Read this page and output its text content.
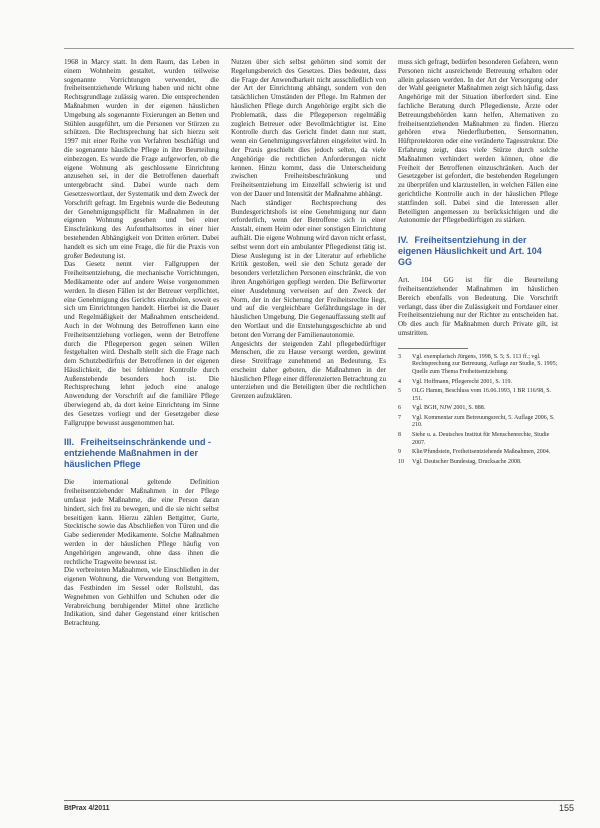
1968 in Marcy statt. In dem Raum, das Leben in einem Wohnheim gestaltet, wurden teilweise sogenannte Vorrichtungen verwendet, die freiheitsentziehende Wirkung haben und nicht ohne Rechtsgrundlage zulässig waren. Die entsprechenden Maßnahmen wurden in der eigenen häuslichen Umgebung als sogenannte Fixierungen an Betten und Stühlen ausgeführt, um die Personen vor Stürzen zu schützen. Die Rechtsprechung hat sich hierzu seit 1997 mit einer Reihe von Verfahren beschäftigt und die sogenannte häusliche Pflege in ihre Beurteilung einbezogen. Es wurde die Frage aufgeworfen, ob die eigene Wohnung als geschlossene Einrichtung anzusehen sei, in der die Betroffenen dauerhaft untergebracht sind. Dabei wurde nach dem Gesetzeswortlaut, der Systematik und dem Zweck der Vorschrift gefragt. Im Ergebnis wurde die Bedeutung der Genehmigungspflicht für Maßnahmen in der eigenen Wohnung gesehen und bei einer Einschränkung des Aufenthaltsortes in einer hier bestehenden Abhängigkeit von Dritten erörtert. Dabei handelt es sich um eine Frage, die für die Praxis von großer Bedeutung ist.

Das Gesetz nennt vier Fallgruppen der Freiheitsentziehung, die mechanische Vorrichtungen, Medikamente oder auf andere Weise vorgenommen werden. In diesen Fällen ist der Betreuer verpflichtet, eine Genehmigung des Gerichts einzuholen, soweit es sich um Einrichtungen handelt. Hierbei ist die Dauer und Regelmäßigkeit der Maßnahmen entscheidend. Auch in der Wohnung des Betroffenen kann eine Freiheitsentziehung vorliegen, wenn der Betroffene durch die Pflegeperson gegen seinen Willen festgehalten wird. Deshalb stellt sich die Frage nach dem Schutzbedürfnis der Betroffenen in der eigenen Häuslichkeit, die bei fehlender Kontrolle durch Außenstehende besonders hoch ist. Die Rechtsprechung lehnt jedoch eine analoge Anwendung der Vorschrift auf die familiäre Pflege überwiegend ab, da dort keine Einrichtung im Sinne des Gesetzes vorliegt und der Gesetzgeber diese Fallgruppe bewusst ausgenommen hat.

III. Freiheitseinschränkende und -entziehende Maßnahmen in der häuslichen Pflege

Die international geltende Definition freiheitsentziehender Maßnahmen in der Pflege umfasst jede Maßnahme, die eine Person daran hindert, sich frei zu bewegen, und die sie nicht selbst beseitigen kann. Hierzu zählen Bettgitter, Gurte, Stecktische sowie das Abschließen von Türen und die Gabe sedierender Medikamente. Solche Maßnahmen werden in der häuslichen Pflege häufig von Angehörigen angewandt, ohne dass ihnen die rechtliche Tragweite bewusst ist.

Die verbreiteten Maßnahmen, wie Einschließen in der eigenen Wohnung, die Verwendung von Bettgittern, das Festbinden im Sessel oder Rollstuhl, das Wegnehmen von Gehhilfen und Schuhen oder die Verabreichung beruhigender Mittel ohne ärztliche Indikation, sind daher Gegenstand einer kritischen Betrachtung.

Nutzen über sich selbst gehörten sind somit der Regelungsbereich des Gesetzes. Dies bedeutet, dass die Frage der Anwendbarkeit nicht ausschließlich von der Art der Einrichtung abhängt, sondern von den tatsächlichen Umständen der Pflege. Im Rahmen der häuslichen Pflege durch Angehörige ergibt sich die Problematik, dass die Pflegeperson regelmäßig zugleich Betreuer oder Bevollmächtigter ist. Eine Kontrolle durch das Gericht findet dann nur statt, wenn ein Genehmigungsverfahren eingeleitet wird. In der Praxis geschieht dies jedoch selten, da viele Angehörige die rechtlichen Anforderungen nicht kennen. Hinzu kommt, dass die Unterscheidung zwischen Freiheitsbeschränkung und Freiheitsentziehung im Einzelfall schwierig ist und von der Dauer und Intensität der Maßnahme abhängt.

Nach ständiger Rechtsprechung des Bundesgerichtshofs ist eine Genehmigung nur dann erforderlich, wenn der Betroffene sich in einer Anstalt, einem Heim oder einer sonstigen Einrichtung aufhält. Die eigene Wohnung wird davon nicht erfasst, selbst wenn dort ein ambulanter Pflegedienst tätig ist. Diese Auslegung ist in der Literatur auf erhebliche Kritik gestoßen, weil sie den Schutz gerade der besonders verletzlichen Personen einschränkt, die von ihren Angehörigen gepflegt werden. Die Befürworter einer Ausdehnung verweisen auf den Zweck der Norm, der in der Sicherung der Freiheitsrechte liegt, und auf die vergleichbare Gefährdungslage in der häuslichen Umgebung. Die Gegenauffassung stellt auf den Wortlaut und die Entstehungsgeschichte ab und betont den Vorrang der Familienautonomie.

Angesichts der steigenden Zahl pflegebedürftiger Menschen, die zu Hause versorgt werden, gewinnt diese Streitfrage zunehmend an Bedeutung. Es erscheint daher geboten, die Maßnahmen in der häuslichen Pflege einer differenzierten Betrachtung zu unterziehen und die Beteiligten über die rechtlichen Grenzen aufzuklären.

muss sich gefragt, bedürfen besonderen Gefahren, wenn Personen nicht ausreichende Betreuung erhalten oder allein gelassen werden. In der Art der Versorgung oder der Wahl geeigneter Maßnahmen zeigt sich häufig, dass Angehörige mit der Situation überfordert sind. Eine fachliche Beratung durch Pflegedienste, Ärzte oder Betreuungsbehörden kann helfen, Alternativen zu freiheitsentziehenden Maßnahmen zu finden. Hierzu gehören etwa Niederflurbetten, Sensormatten, Hüftprotektoren oder eine veränderte Tagesstruktur. Die Erfahrung zeigt, dass viele Stürze durch solche Maßnahmen verhindert werden können, ohne die Freiheit der Betroffenen einzuschränken. Auch der Gesetzgeber ist gefordert, die bestehenden Regelungen zu überprüfen und klarzustellen, in welchen Fällen eine gerichtliche Kontrolle auch in der häuslichen Pflege stattfinden soll. Dabei sind die Interessen aller Beteiligten angemessen zu berücksichtigen und die Autonomie der Pflegebedürftigen zu stärken.

IV. Freiheitsentziehung in der eigenen Häuslichkeit und Art. 104 GG

Art. 104 GG ist für die Beurteilung freiheitsentziehender Maßnahmen im häuslichen Bereich ebenfalls von Bedeutung. Die Vorschrift verlangt, dass über die Zulässigkeit und Fortdauer einer Freiheitsentziehung nur der Richter zu entscheiden hat. Ob dies auch für Maßnahmen durch Private gilt, ist umstritten.

3	Vgl. exemplarisch Jürgens, 1998, S. 5; S. 113 ff.; vgl. Rechtsprechung zur Betreuung, Auflage zur Studie, S. 1995; Quelle zum Thema Freiheitsentziehung.
4	Vgl. Hoffmann, Pflegerecht 2001, S. 119.
5	OLG Hamm, Beschluss vom 16.06.1993, 1 BR 116/98, S. 151.
6	Vgl. BGH, NJW 2001, S. 888.
7	Vgl. Kommentar zum Betreuungsrecht, 5. Auflage 2006, S. 210.
8	Siehe u. a. Deutsches Institut für Menschenrechte, Studie 2007.
9	Klie/Pfundstein, Freiheitsentziehende Maßnahmen, 2004.
10	Vgl. Deutscher Bundestag, Drucksache 2008.
BtPrax 4/2011	155
